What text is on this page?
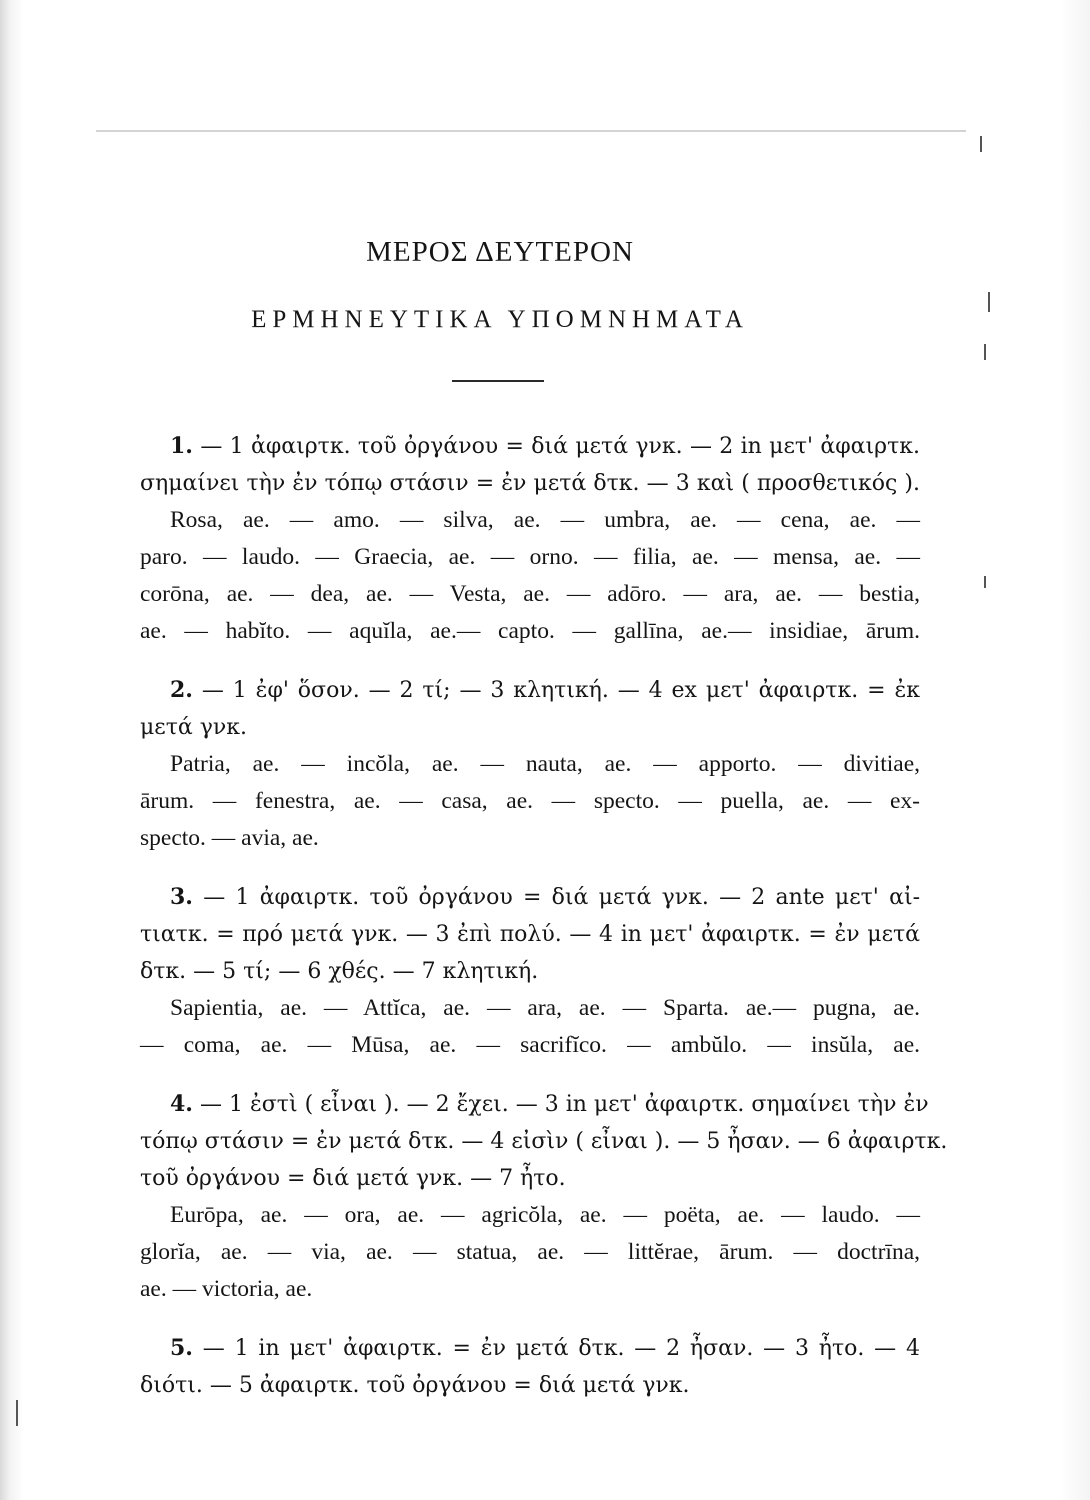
ΜΕΡΟΣ ΔΕΥΤΕΡΟΝ
ΕΡΜΗΝΕΥΤΙΚΑ ΥΠΟΜΝΗΜΑΤΑ
1. — 1 ἀφαιρτκ. τοῦ ὀργάνου = διά μετά γνκ. — 2 in μετ' ἀφαιρτκ.
σημαίνει τὴν ἐν τόπῳ στάσιν = ἐν μετά δτκ. — 3 καὶ ( προσθετικός ).
Rosa, ae. — amo. — silva, ae. — umbra, ae. — cena, ae. —
paro. — laudo. — Graecia, ae. — orno. — filia, ae. — mensa, ae. —
corōna, ae. — dea, ae. — Vesta, ae. — adōro. — ara, ae. — bestia,
ae. — habĭto. — aquĭla, ae.— capto. — gallīna, ae.— insidiae, ārum.
2. — 1 ἐφ' ὅσον. — 2 τί; — 3 κλητική. — 4 ex μετ' ἀφαιρτκ. = ἐκ
μετά γνκ.
Patria, ae. — incŏla, ae. — nauta, ae. — apporto. — divitiae,
ārum. — fenestra, ae. — casa, ae. — specto. — puella, ae. — ex-
specto. — avia, ae.
3. — 1 ἀφαιρτκ. τοῦ ὀργάνου = διά μετά γνκ. — 2 ante μετ' αἰ-
τιατκ. = πρό μετά γνκ. — 3 ἐπὶ πολύ. — 4 in μετ' ἀφαιρτκ. = ἐν μετά
δτκ. — 5 τί; — 6 χθές. — 7 κλητική.
Sapientia, ae. — Attĭca, ae. — ara, ae. — Sparta. ae.— pugna, ae.
— coma, ae. — Mūsa, ae. — sacrifĭco. — ambŭlo. — insŭla, ae.
4. — 1 ἐστὶ ( εἶναι ). — 2 ἔχει. — 3 in μετ' ἀφαιρτκ. σημαίνει τὴν ἐν
τόπῳ στάσιν = ἐν μετά δτκ. — 4 εἰσὶν ( εἶναι ). — 5 ἦσαν. — 6 ἀφαιρτκ.
τοῦ ὀργάνου = διά μετά γνκ. — 7 ἦτο.
Eurōpa, ae. — ora, ae. — agricŏla, ae. — poëta, ae. — laudo. —
glorĭa, ae. — via, ae. — statua, ae. — littĕrae, ārum. — doctrīna,
ae. — victoria, ae.
5. — 1 in μετ' ἀφαιρτκ. = ἐν μετά δτκ. — 2 ἦσαν. — 3 ἦτο. — 4
διότι. — 5 ἀφαιρτκ. τοῦ ὀργάνου = διά μετά γνκ.
